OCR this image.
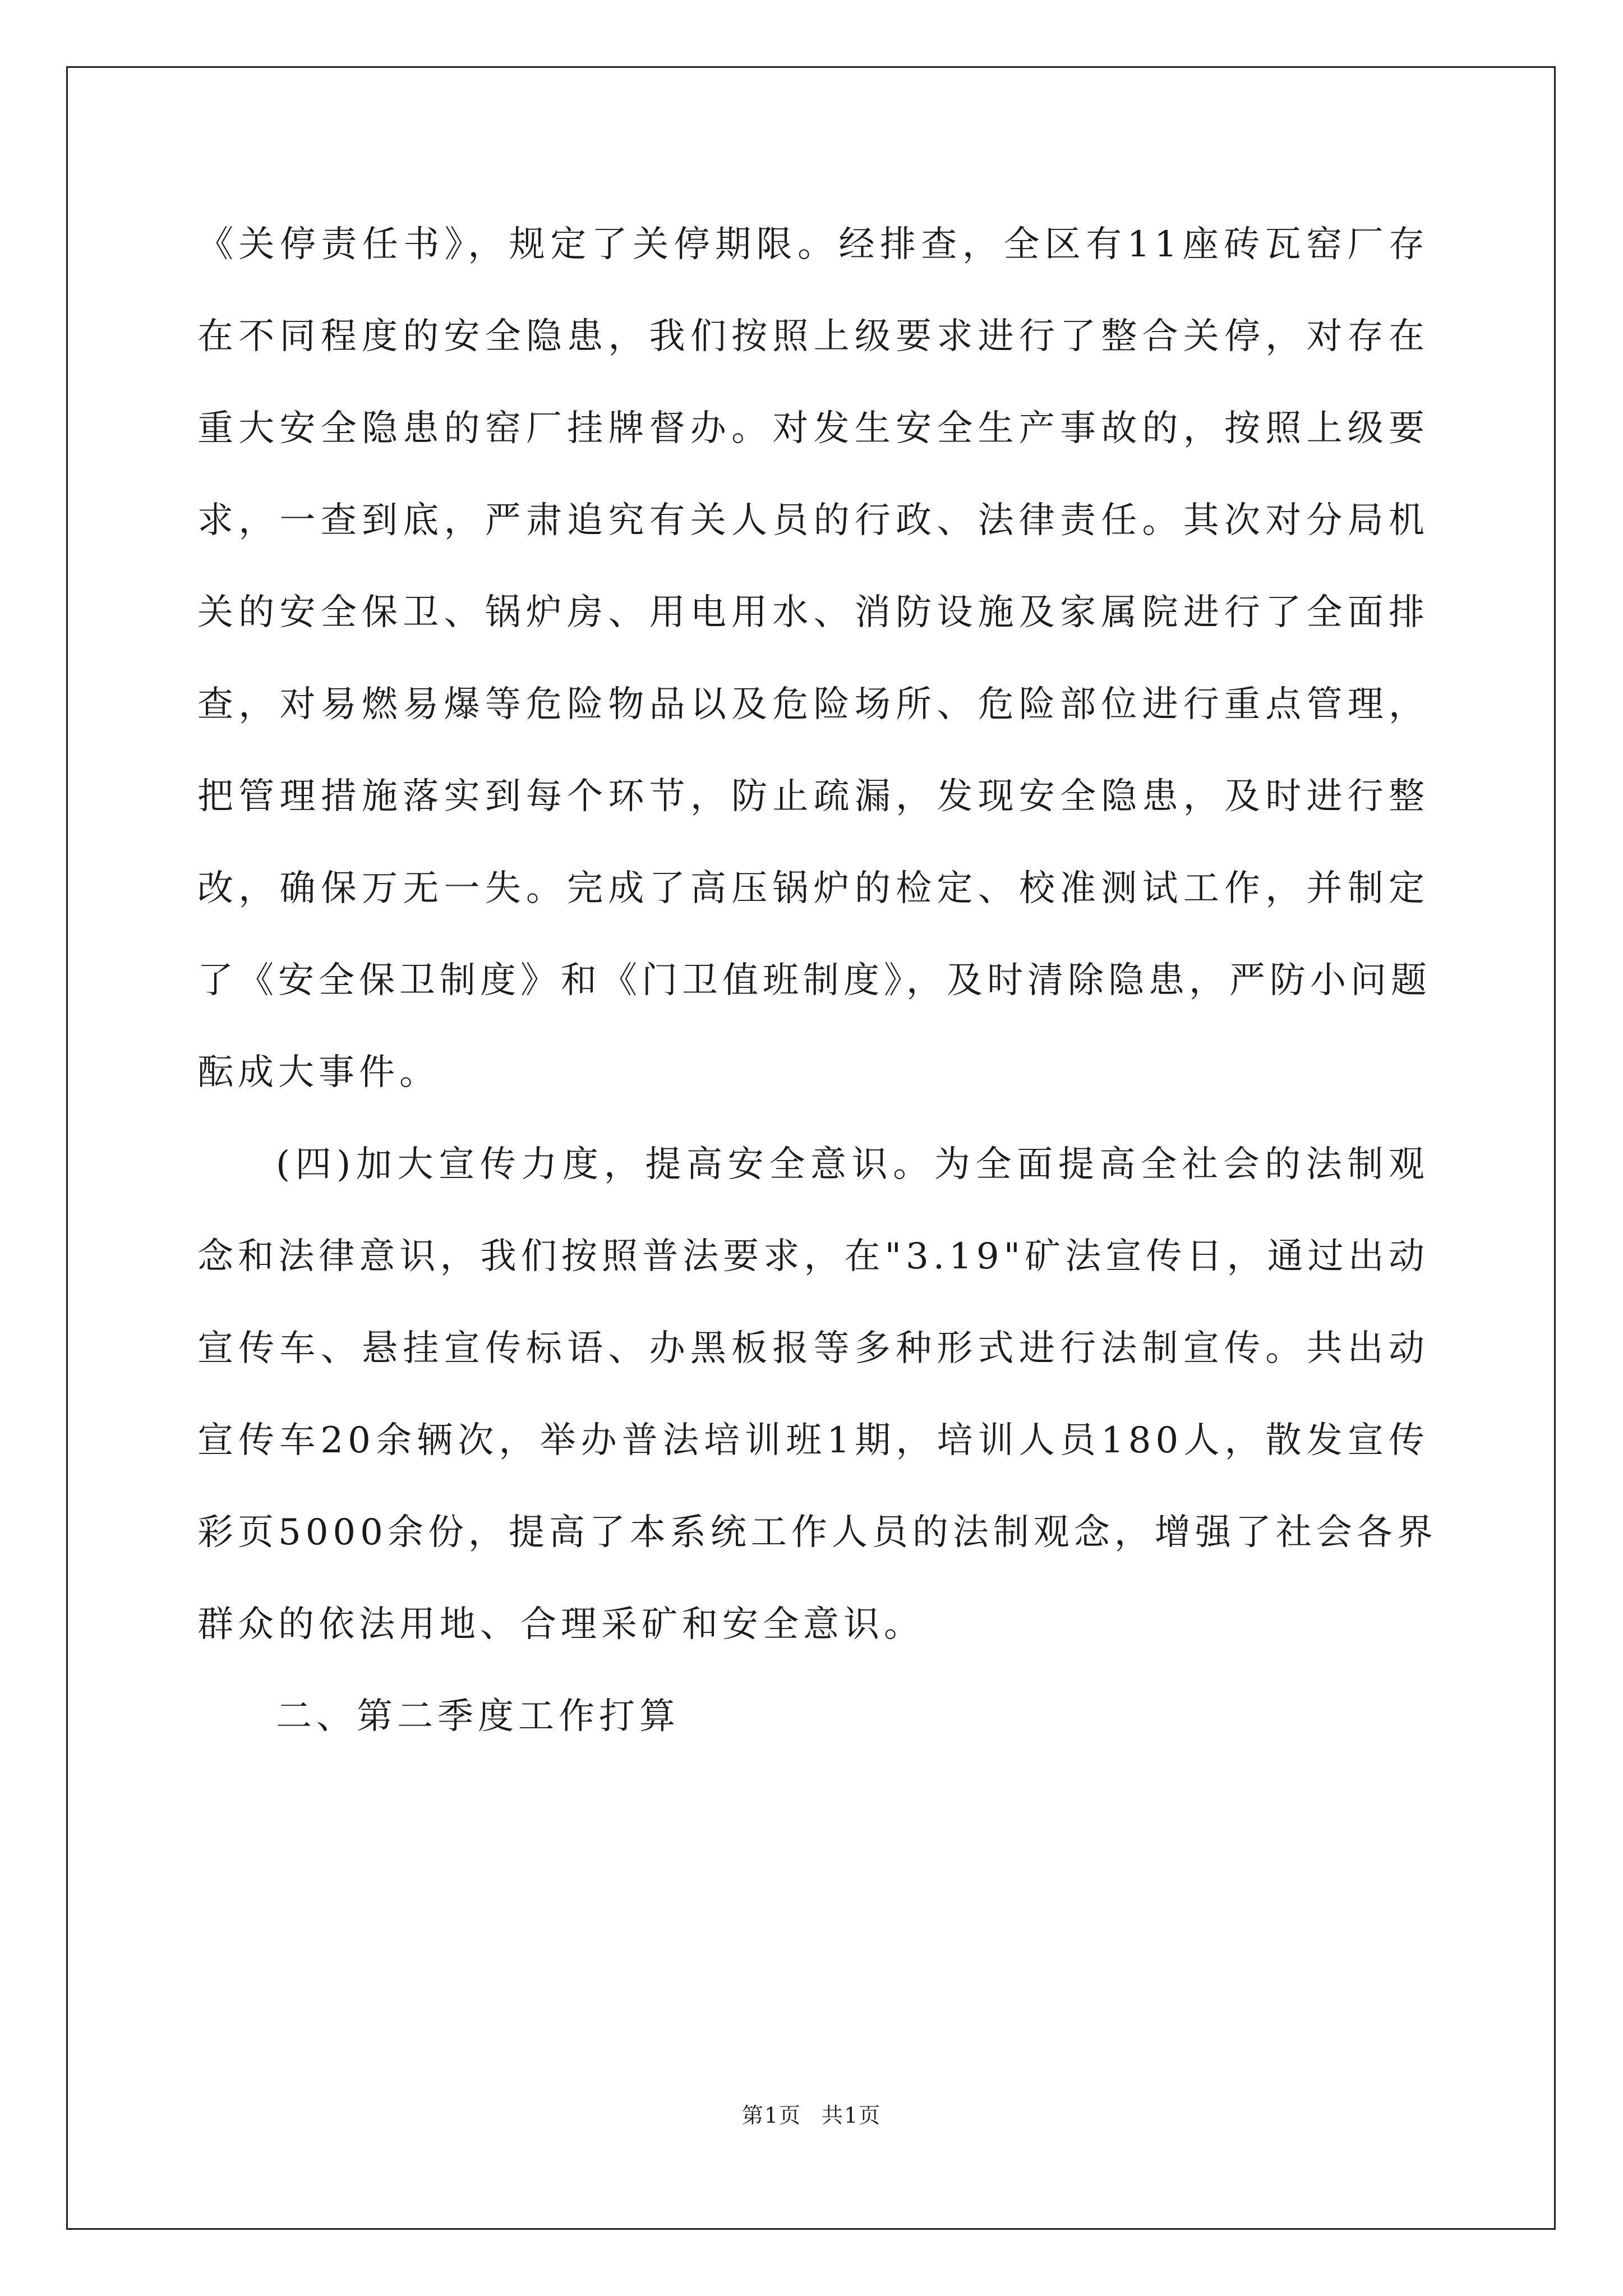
《关停责任书》，规定了关停期限。经排查，全区有11座砖瓦窑厂存
在不同程度的安全隐患，我们按照上级要求进行了整合关停，对存在
重大安全隐患的窑厂挂牌督办。对发生安全生产事故的，按照上级要
求，一查到底，严肃追究有关人员的行政、法律责任。其次对分局机
关的安全保卫、锅炉房、用电用水、消防设施及家属院进行了全面排
查，对易燃易爆等危险物品以及危险场所、危险部位进行重点管理，
把管理措施落实到每个环节，防止疏漏，发现安全隐患，及时进行整
改，确保万无一失。完成了高压锅炉的检定、校准测试工作，并制定
了《安全保卫制度》和《门卫值班制度》，及时清除隐患，严防小问题
酝成大事件。
(四)加大宣传力度，提高安全意识。为全面提高全社会的法制观
念和法律意识，我们按照普法要求，在"3.19"矿法宣传日，通过出动
宣传车、悬挂宣传标语、办黑板报等多种形式进行法制宣传。共出动
宣传车20余辆次，举办普法培训班1期，培训人员180人，散发宣传
彩页5000余份，提高了本系统工作人员的法制观念，增强了社会各界
群众的依法用地、合理采矿和安全意识。
二、第二季度工作打算
第1页 共1页
